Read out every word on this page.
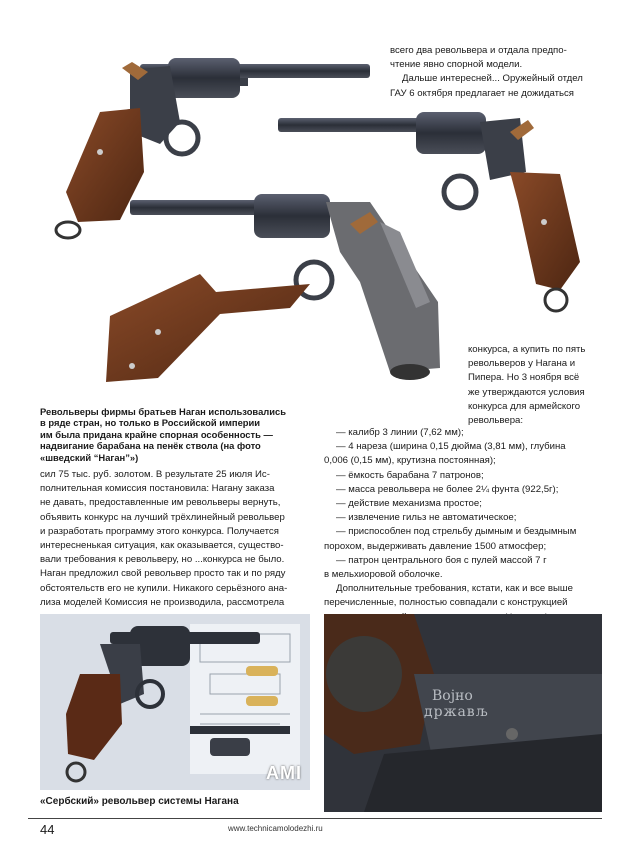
всего два револьвера и отдала предпо-

чтение явно спорной модели.

Дальше интересней... Оружейный отдел

ГАУ 6 октября предлагает не дожидаться

конкурса, а купить по пять

револьверов у Нагана и

Пипера. Но 3 ноября всё

же утверждаются условия

конкурса для армейского

револьвера:

Револьверы фирмы братьев Наган использовались
в ряде стран, но только в Российской империи
им была придана крайне спорная особенность —
надвигание барабана на пенёк ствола (на фото
«шведский “Наган”»)

сил 75 тыс. руб. золотом. В результате 25 июля Ис-

полнительная комиссия постановила: Нагану заказа

не давать, предоставленные им револьверы вернуть,

объявить конкурс на лучший трёхлинейный револьвер

и разработать программу этого конкурса. Получается

интересненькая ситуация, как оказывается, существо-

вали требования к револьверу, но ...конкурса не было.

Наган предложил свой револьвер просто так и по ряду

обстоятельств его не купили. Никакого серьёзного ана-

лиза моделей Комиссия не производила, рассмотрела

— калибр 3 линии (7,62 мм);

— 4 нареза (ширина 0,15 дюйма (3,81 мм), глубина

0,006 (0,15 мм), крутизна постоянная);

— ёмкость барабана 7 патронов;

— масса револьвера не более 2¼ фунта (922,5г);

— действие механизма простое;

— извлечение гильз не автоматическое;

— приспособлен под стрельбу дымным и бездымным

порохом, выдерживать давление 1500 атмосфер;

— патрон центрального боя с пулей массой 7 г

в мельхиоровой оболочке.

Дополнительные требования, кстати, как и все выше

перечисленные, полностью совпадали с конструкцией

AMI
Војно
држављ
«Сербский» револьвер системы Нагана
44	www.technicamolodezhi.ru
